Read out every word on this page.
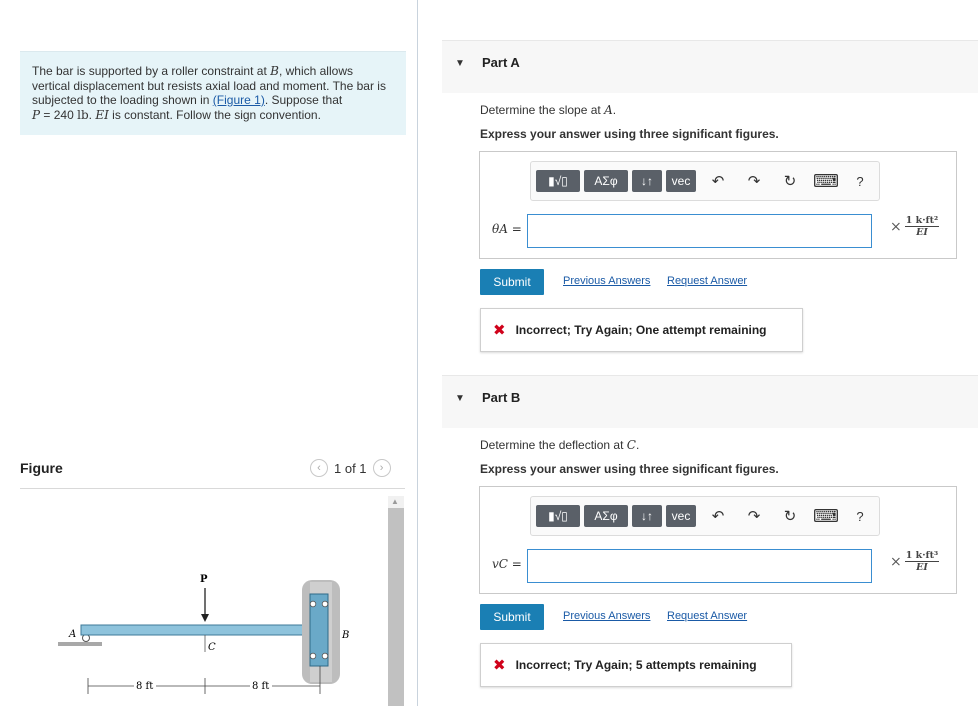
The bar is supported by a roller constraint at B, which allows vertical displacement but resists axial load and moment. The bar is subjected to the loading shown in (Figure 1). Suppose that
P = 240 lb. EI is constant. Follow the sign convention.
Figure	‹ 1 of 1 ›
P
C
A	B
8 ft	8 ft
▲
▼ Part A
Determine the slope at A.
Express your answer using three significant figures.
▮√▯ ΑΣφ ↓↑ vec	↶	↷	↻ ⌨	?
θA =	× $\frac{\text{1 k·ft²}}{EI}$
Submit	Previous Answers Request Answer
✖ Incorrect; Try Again; One attempt remaining
▼ Part B
Determine the deflection at C.
Express your answer using three significant figures.
▮√▯ ΑΣφ ↓↑ vec	↶	↷	↻ ⌨	?
vC =	× $\frac{\text{1 k·ft³}}{EI}$
Submit	Previous Answers Request Answer
✖ Incorrect; Try Again; 5 attempts remaining
